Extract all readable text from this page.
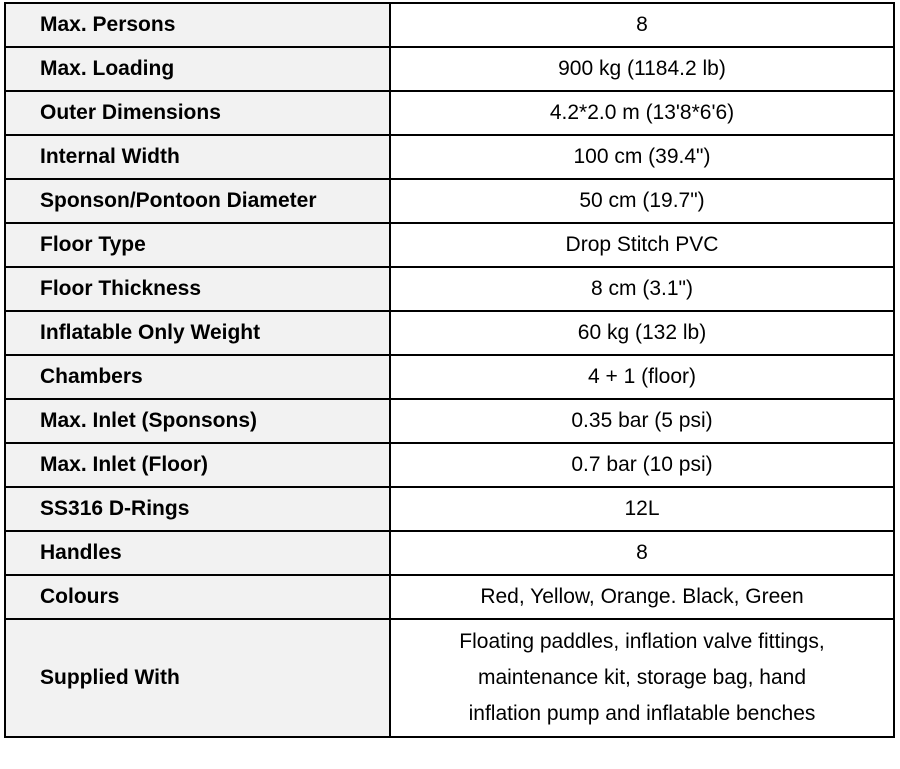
Max. Persons	8
Max. Loading	900 kg (1184.2 lb)
Outer Dimensions	4.2*2.0 m (13'8*6'6)
Internal Width	100 cm (39.4")
Sponson/Pontoon Diameter	50 cm (19.7")
Floor Type	Drop Stitch PVC
Floor Thickness	8 cm (3.1")
Inflatable Only Weight	60 kg (132 lb)
Chambers	4 + 1 (floor)
Max. Inlet (Sponsons)	0.35 bar (5 psi)
Max. Inlet (Floor)	0.7 bar (10 psi)
SS316 D-Rings	12L
Handles	8
Colours	Red, Yellow, Orange. Black, Green
Supplied With	Floating paddles, inflation valve fittings,
maintenance kit, storage bag, hand
inflation pump and inflatable benches
